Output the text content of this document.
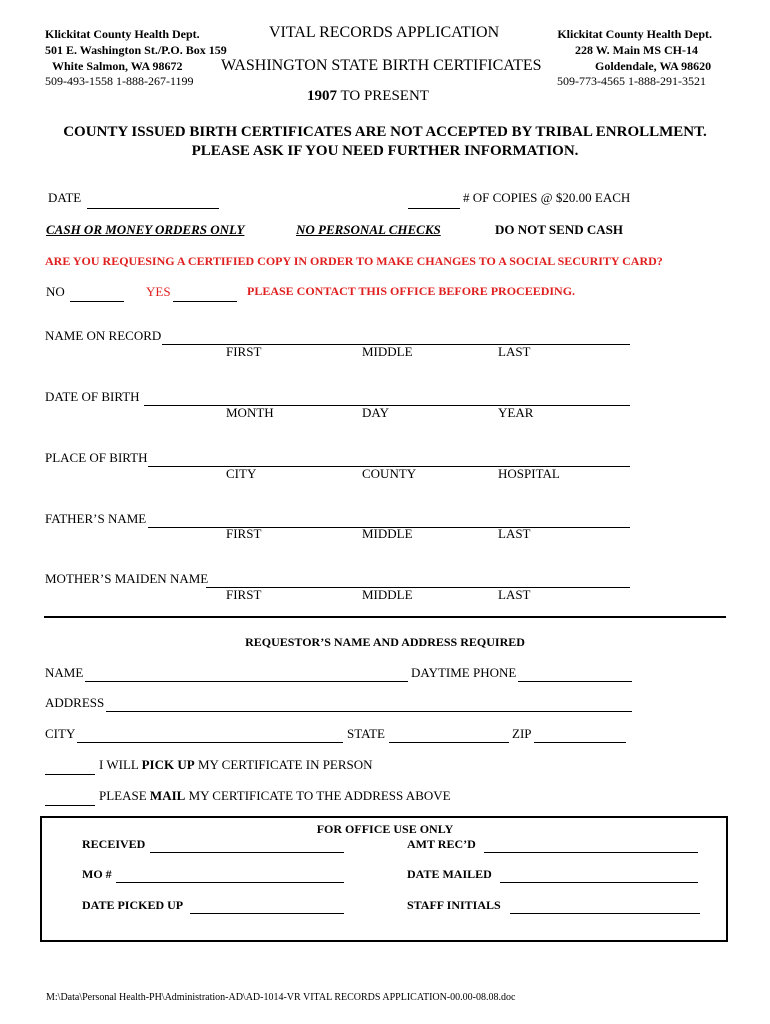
Klickitat County Health Dept.
501 E. Washington St./P.O. Box 159
White Salmon, WA 98672
509-493-1558 1-888-267-1199
VITAL RECORDS APPLICATION
WASHINGTON STATE BIRTH CERTIFICATES
1907 TO PRESENT
Klickitat County Health Dept.
228 W. Main MS CH-14
Goldendale, WA 98620
509-773-4565 1-888-291-3521
COUNTY ISSUED BIRTH CERTIFICATES ARE NOT ACCEPTED BY TRIBAL ENROLLMENT.
PLEASE ASK IF YOU NEED FURTHER INFORMATION.
DATE	# OF COPIES @ $20.00 EACH
CASH OR MONEY ORDERS ONLY	NO PERSONAL CHECKS	DO NOT SEND CASH
ARE YOU REQUESING A CERTIFIED COPY IN ORDER TO MAKE CHANGES TO A SOCIAL SECURITY CARD?
NO	YES	PLEASE CONTACT THIS OFFICE BEFORE PROCEEDING.
NAME ON RECORD
FIRST	MIDDLE	LAST
DATE OF BIRTH
MONTH	DAY	YEAR
PLACE OF BIRTH
CITY	COUNTY	HOSPITAL
FATHER’S NAME
FIRST	MIDDLE	LAST
MOTHER’S MAIDEN NAME
FIRST	MIDDLE	LAST
REQUESTOR’S NAME AND ADDRESS REQUIRED
NAME	DAYTIME PHONE
ADDRESS
CITY	STATE	ZIP
I WILL PICK UP MY CERTIFICATE IN PERSON
PLEASE MAIL MY CERTIFICATE TO THE ADDRESS ABOVE
FOR OFFICE USE ONLY
RECEIVED	AMT REC’D
MO #	DATE MAILED
DATE PICKED UP	STAFF INITIALS
M:\Data\Personal Health-PH\Administration-AD\AD-1014-VR VITAL RECORDS APPLICATION-00.00-08.08.doc
